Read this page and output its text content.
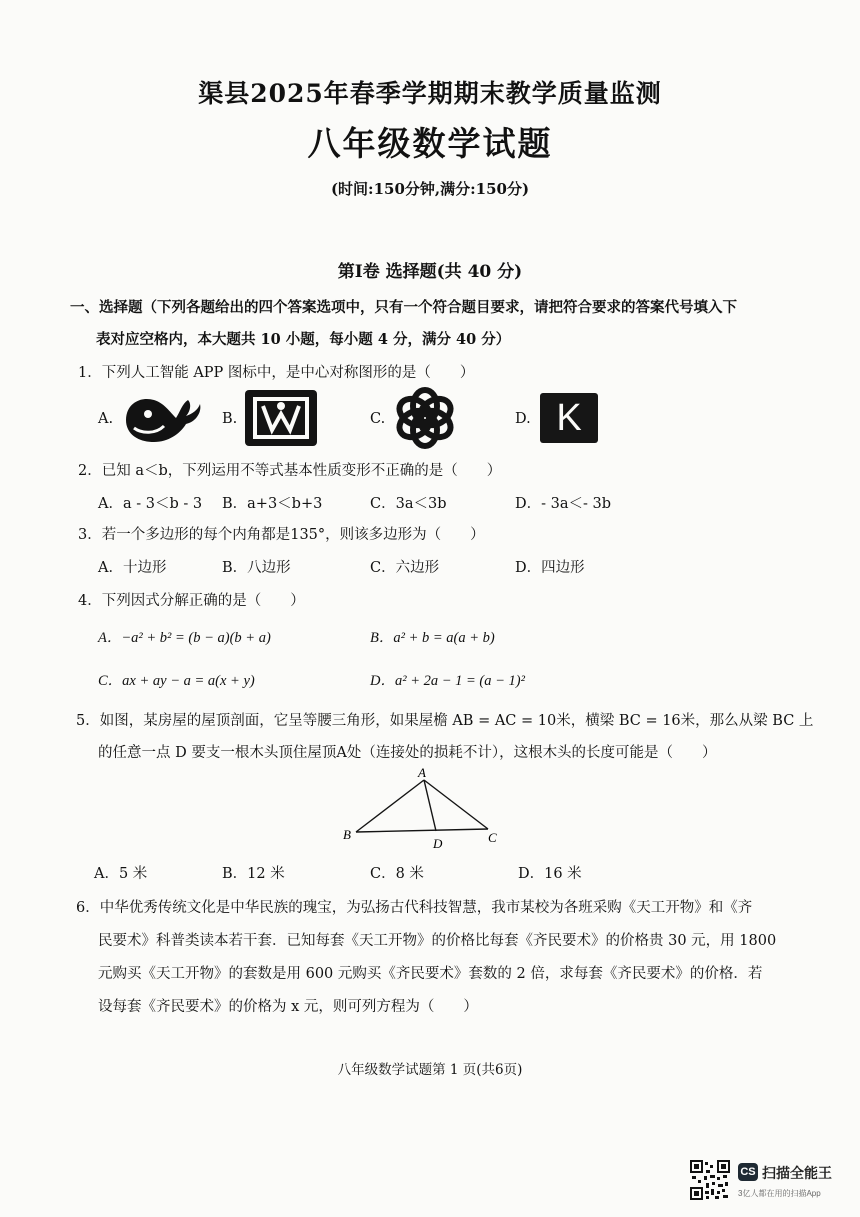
渠县2025年春季学期期末教学质量监测
八年级数学试题
(时间:150分钟,满分:150分)
第Ⅰ卷 选择题(共 40 分)
一、选择题（下列各题给出的四个答案选项中，只有一个符合题目要求，请把符合要求的答案代号填入下
表对应空格内，本大题共 10 小题，每小题 4 分，满分 40 分）
1．下列人工智能 APP 图标中，是中心对称图形的是（　　）
A.	B.	C.	D. K
2．已知 a＜b，下列运用不等式基本性质变形不正确的是（　　）
A．a - 3＜b - 3 B．a+3＜b+3	C．3a＜3b	D．- 3a＜- 3b
3．若一个多边形的每个内角都是135°，则该多边形为（　　）
A．十边形	B．八边形	C．六边形	D．四边形
4．下列因式分解正确的是（　　）
A．−a² + b² = (b − a)(b + a)	B．a² + b = a(a + b)
C．ax + ay − a = a(x + y)	D．a² + 2a − 1 = (a − 1)²
5．如图，某房屋的屋顶剖面，它呈等腰三角形，如果屋檐 AB = AC = 10米，横梁 BC = 16米，那么从梁 BC 上
的任意一点 D 要支一根木头顶住屋顶A处（连接处的损耗不计），这根木头的长度可能是（　　）
A
B	C
D
A．5 米	B．12 米	C．8 米	D．16 米
6．中华优秀传统文化是中华民族的瑰宝，为弘扬古代科技智慧，我市某校为各班采购《天工开物》和《齐
民要术》科普类读本若干套．已知每套《天工开物》的价格比每套《齐民要术》的价格贵 30 元，用 1800
元购买《天工开物》的套数是用 600 元购买《齐民要术》套数的 2 倍，求每套《齐民要术》的价格．若
设每套《齐民要术》的价格为 x 元，则可列方程为（　　）
八年级数学试题第 1 页(共6页)
CS 扫描全能王
3亿人都在用的扫描App
